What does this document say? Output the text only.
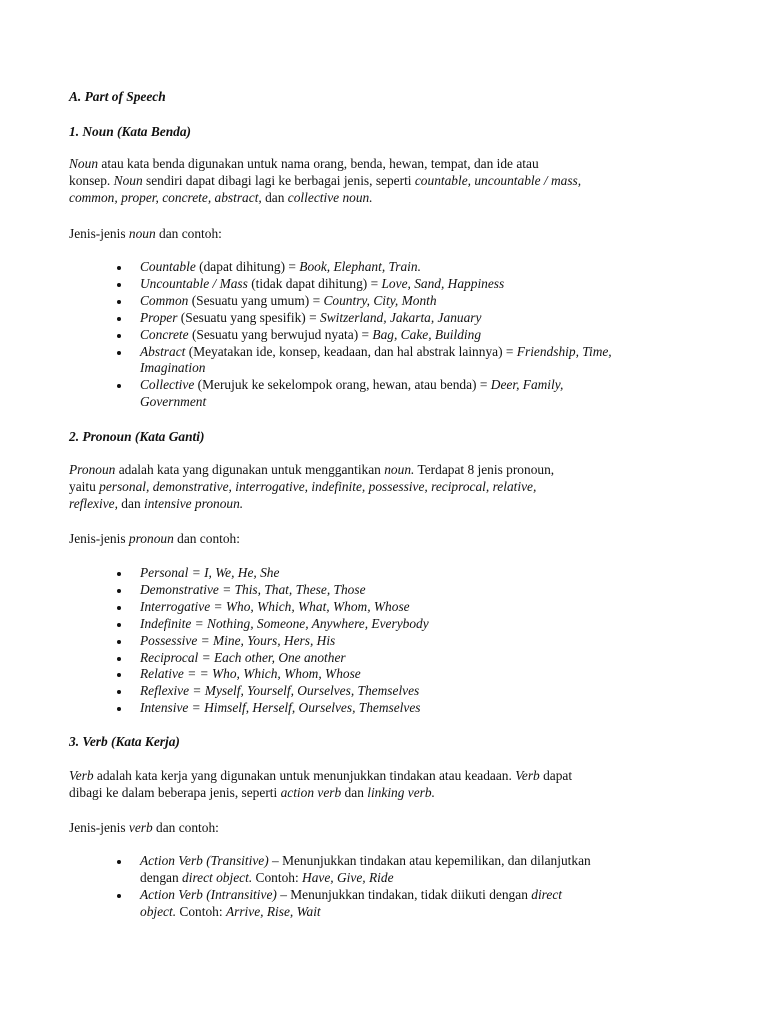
A. Part of Speech

1. Noun (Kata Benda)

Noun atau kata benda digunakan untuk nama orang, benda, hewan, tempat, dan ide atau
konsep. Noun sendiri dapat dibagi lagi ke berbagai jenis, seperti countable, uncountable / mass,
common, proper, concrete, abstract, dan collective noun.

Jenis-jenis noun dan contoh:

Countable (dapat dihitung) = Book, Elephant, Train.
Uncountable / Mass (tidak dapat dihitung) = Love, Sand, Happiness
Common (Sesuatu yang umum) = Country, City, Month
Proper (Sesuatu yang spesifik) = Switzerland, Jakarta, January
Concrete (Sesuatu yang berwujud nyata) = Bag, Cake, Building
Abstract (Meyatakan ide, konsep, keadaan, dan hal abstrak lainnya) = Friendship, Time,
Imagination
Collective (Merujuk ke sekelompok orang, hewan, atau benda) = Deer, Family,
Government

2. Pronoun (Kata Ganti)

Pronoun adalah kata yang digunakan untuk menggantikan noun. Terdapat 8 jenis pronoun,
yaitu personal, demonstrative, interrogative, indefinite, possessive, reciprocal, relative,
reflexive, dan intensive pronoun.

Jenis-jenis pronoun dan contoh:

Personal = I, We, He, She
Demonstrative = This, That, These, Those
Interrogative = Who, Which, What, Whom, Whose
Indefinite = Nothing, Someone, Anywhere, Everybody
Possessive = Mine, Yours, Hers, His
Reciprocal = Each other, One another
Relative = = Who, Which, Whom, Whose
Reflexive = Myself, Yourself, Ourselves, Themselves
Intensive = Himself, Herself, Ourselves, Themselves

3. Verb (Kata Kerja)

Verb adalah kata kerja yang digunakan untuk menunjukkan tindakan atau keadaan. Verb dapat
dibagi ke dalam beberapa jenis, seperti action verb dan linking verb.

Jenis-jenis verb dan contoh:

Action Verb (Transitive) – Menunjukkan tindakan atau kepemilikan, dan dilanjutkan
dengan direct object. Contoh: Have, Give, Ride
Action Verb (Intransitive) – Menunjukkan tindakan, tidak diikuti dengan direct
object. Contoh: Arrive, Rise, Wait
